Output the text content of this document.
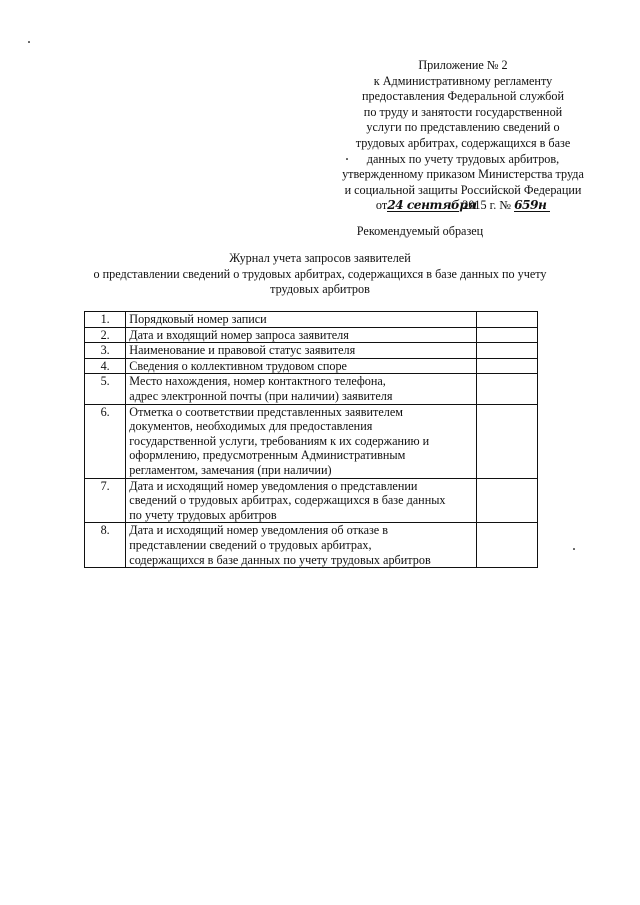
Приложение № 2
к Административному регламенту
предоставления Федеральной службой
по труду и занятости государственной
услуги по представлению сведений о
трудовых арбитрах, содержащихся в базе
данных по учету трудовых арбитров,
утвержденному приказом Министерства труда
и социальной защиты Российской Федерации
от24 сентября 2015 г. № 659н
Рекомендуемый образец
Журнал учета запросов заявителей
о представлении сведений о трудовых арбитрах, содержащихся в базе данных по учету
трудовых арбитров
1.	Порядковый номер записи	

2.	Дата и входящий номер запроса заявителя	

3.	Наименование и правовой статус заявителя	

4.	Сведения о коллективном трудовом споре	

5.	Место нахождения, номер контактного телефона,
адрес электронной почты (при наличии) заявителя	

6.	Отметка о соответствии представленных заявителем
документов, необходимых для предоставления
государственной услуги, требованиям к их содержанию и
оформлению, предусмотренным Административным
регламентом, замечания (при наличии)	

7.	Дата и исходящий номер уведомления о представлении
сведений о трудовых арбитрах, содержащихся в базе данных
по учету трудовых арбитров	

8.	Дата и исходящий номер уведомления об отказе в
представлении сведений о трудовых арбитрах,
содержащихся в базе данных по учету трудовых арбитров	
